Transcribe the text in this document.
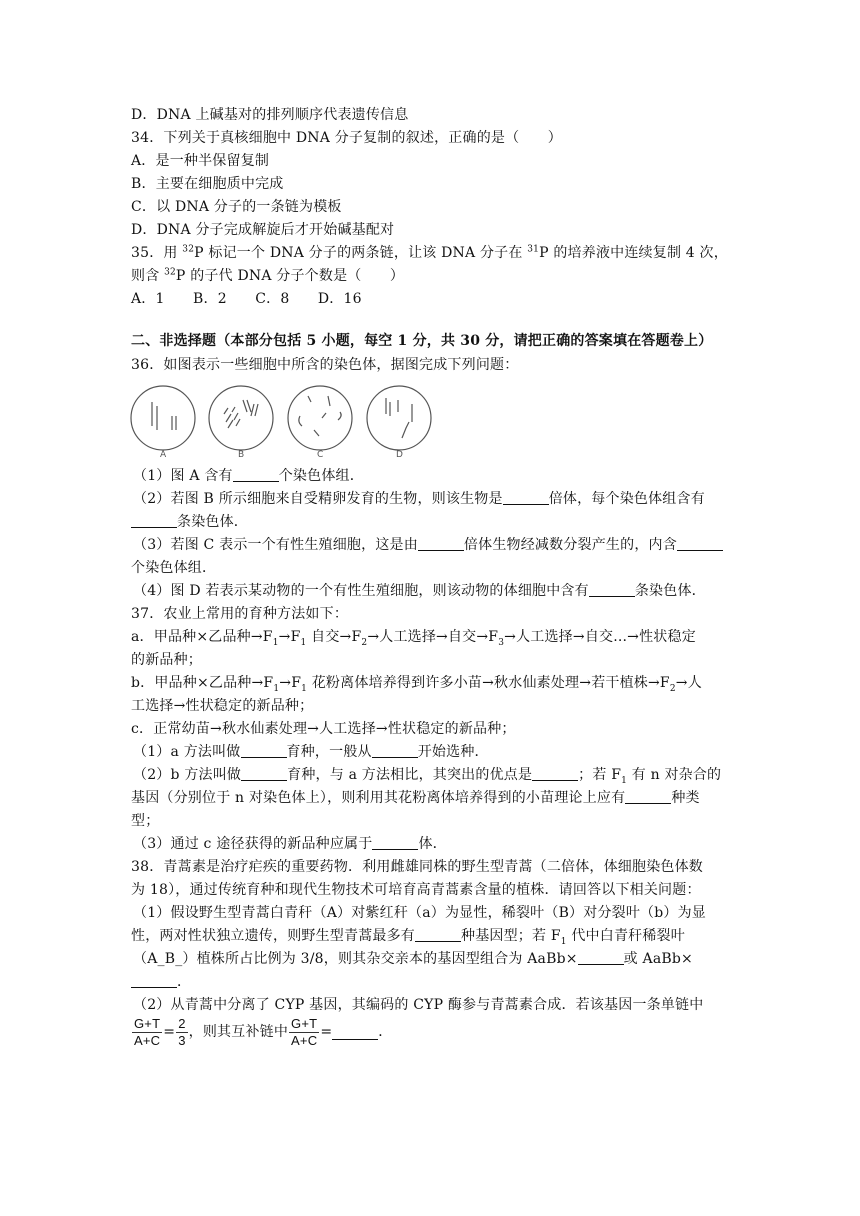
D．DNA 上碱基对的排列顺序代表遗传信息
34．下列关于真核细胞中 DNA 分子复制的叙述，正确的是（　　）
A．是一种半保留复制
B．主要在细胞质中完成
C．以 DNA 分子的一条链为模板
D．DNA 分子完成解旋后才开始碱基配对
35．用 $^{32}$P 标记一个 DNA 分子的两条链，让该 DNA 分子在 $^{31}$P 的培养液中连续复制 4 次，
则含 $^{32}$P 的子代 DNA 分子个数是（　　）
A．1　　B．2　　C．8　　D．16
二、非选择题（本部分包括 5 小题，每空 1 分，共 30 分，请把正确的答案填在答题卷上）
36．如图表示一些细胞中所含的染色体，据图完成下列问题：
A	B	C	D
（1）图 A 含有	个染色体组．
（2）若图 B 所示细胞来自受精卵发育的生物，则该生物是	倍体，每个染色体组含有
条染色体．
（3）若图 C 表示一个有性生殖细胞，这是由	倍体生物经减数分裂产生的，内含
个染色体组．
（4）图 D 若表示某动物的一个有性生殖细胞，则该动物的体细胞中含有	条染色体．
37．农业上常用的育种方法如下：
a．甲品种×乙品种$\to F_1\to F_1$ 自交$\to F_2\to$人工选择→自交$\to F_3\to$人工选择→自交...→性状稳定
的新品种；
b．甲品种×乙品种$\to F_1\to F_1$ 花粉离体培养得到许多小苗→秋水仙素处理→若干植株$\to F_2\to$人
工选择→性状稳定的新品种；
c．正常幼苗→秋水仙素处理→人工选择→性状稳定的新品种；
（1）a 方法叫做	育种，一般从	开始选种．
（2）b 方法叫做	育种，与 a 方法相比，其突出的优点是	；若 $F_1$ 有 n 对杂合的
基因（分别位于 n 对染色体上），则利用其花粉离体培养得到的小苗理论上应有	种类
型；
（3）通过 c 途径获得的新品种应属于	体．
38．青蒿素是治疗疟疾的重要药物．利用雌雄同株的野生型青蒿（二倍体，体细胞染色体数
为 18），通过传统育种和现代生物技术可培育高青蒿素含量的植株．请回答以下相关问题：
（1）假设野生型青蒿白青秆（A）对紫红秆（a）为显性，稀裂叶（B）对分裂叶（b）为显
性，两对性状独立遗传，则野生型青蒿最多有	种基因型；若 $F_1$ 代中白青秆稀裂叶
（A_B_）植株所占比例为 3/8，则其杂交亲本的基因型组合为 AaBb×	或 AaBb×
．
（2）从青蒿中分离了 CYP 基因，其编码的 CYP 酶参与青蒿素合成．若该基因一条单链中
$\frac{G+T}{A+C} = \frac{2}{3}$ ，则其互补链中 $\frac{G+T}{A+C}$ =	．
